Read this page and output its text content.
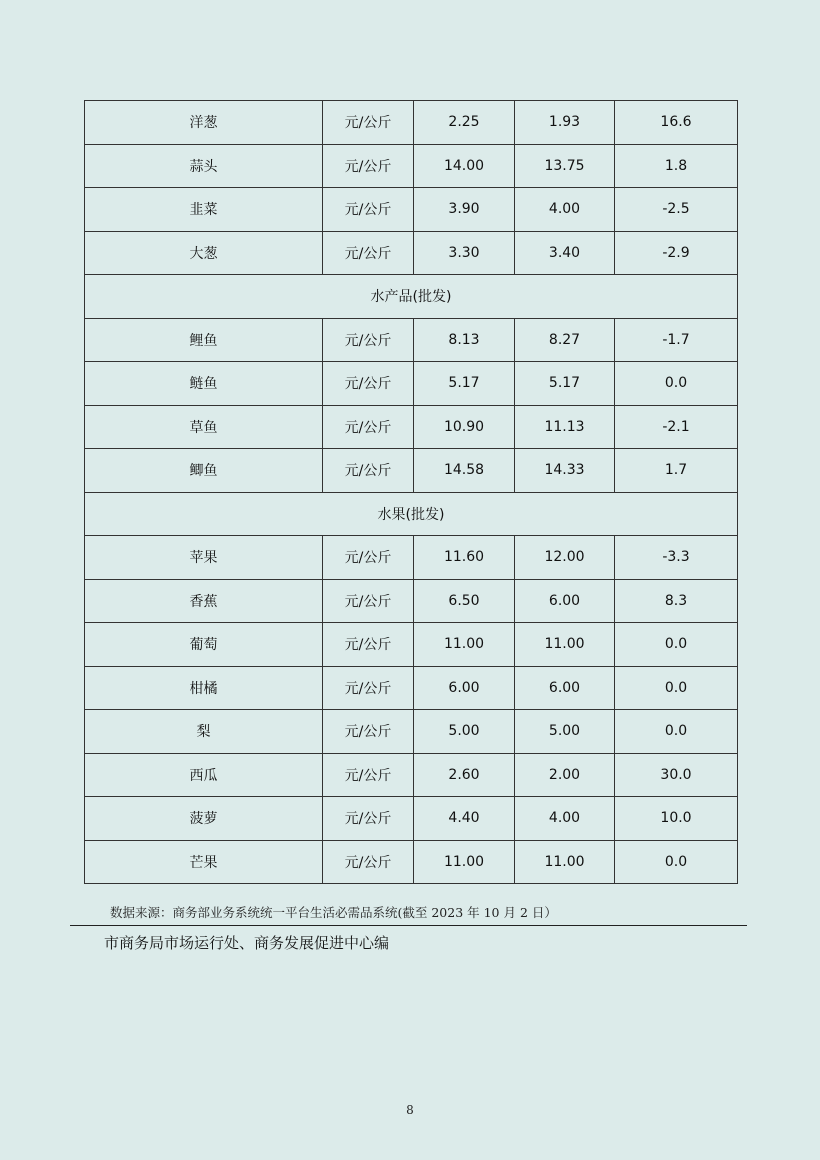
洋葱	元/公斤	2.25	1.93	16.6
蒜头	元/公斤	14.00	13.75	1.8
韭菜	元/公斤	3.90	4.00	-2.5
大葱	元/公斤	3.30	3.40	-2.9
水产品(批发)				
鲤鱼	元/公斤	8.13	8.27	-1.7
鲢鱼	元/公斤	5.17	5.17	0.0
草鱼	元/公斤	10.90	11.13	-2.1
鲫鱼	元/公斤	14.58	14.33	1.7
水果(批发)				
苹果	元/公斤	11.60	12.00	-3.3
香蕉	元/公斤	6.50	6.00	8.3
葡萄	元/公斤	11.00	11.00	0.0
柑橘	元/公斤	6.00	6.00	0.0
梨	元/公斤	5.00	5.00	0.0
西瓜	元/公斤	2.60	2.00	30.0
菠萝	元/公斤	4.40	4.00	10.0
芒果	元/公斤	11.00	11.00	0.0
数据来源：商务部业务系统统一平台生活必需品系统(截至 2023 年 10 月 2 日）
市商务局市场运行处、商务发展促进中心编
8
